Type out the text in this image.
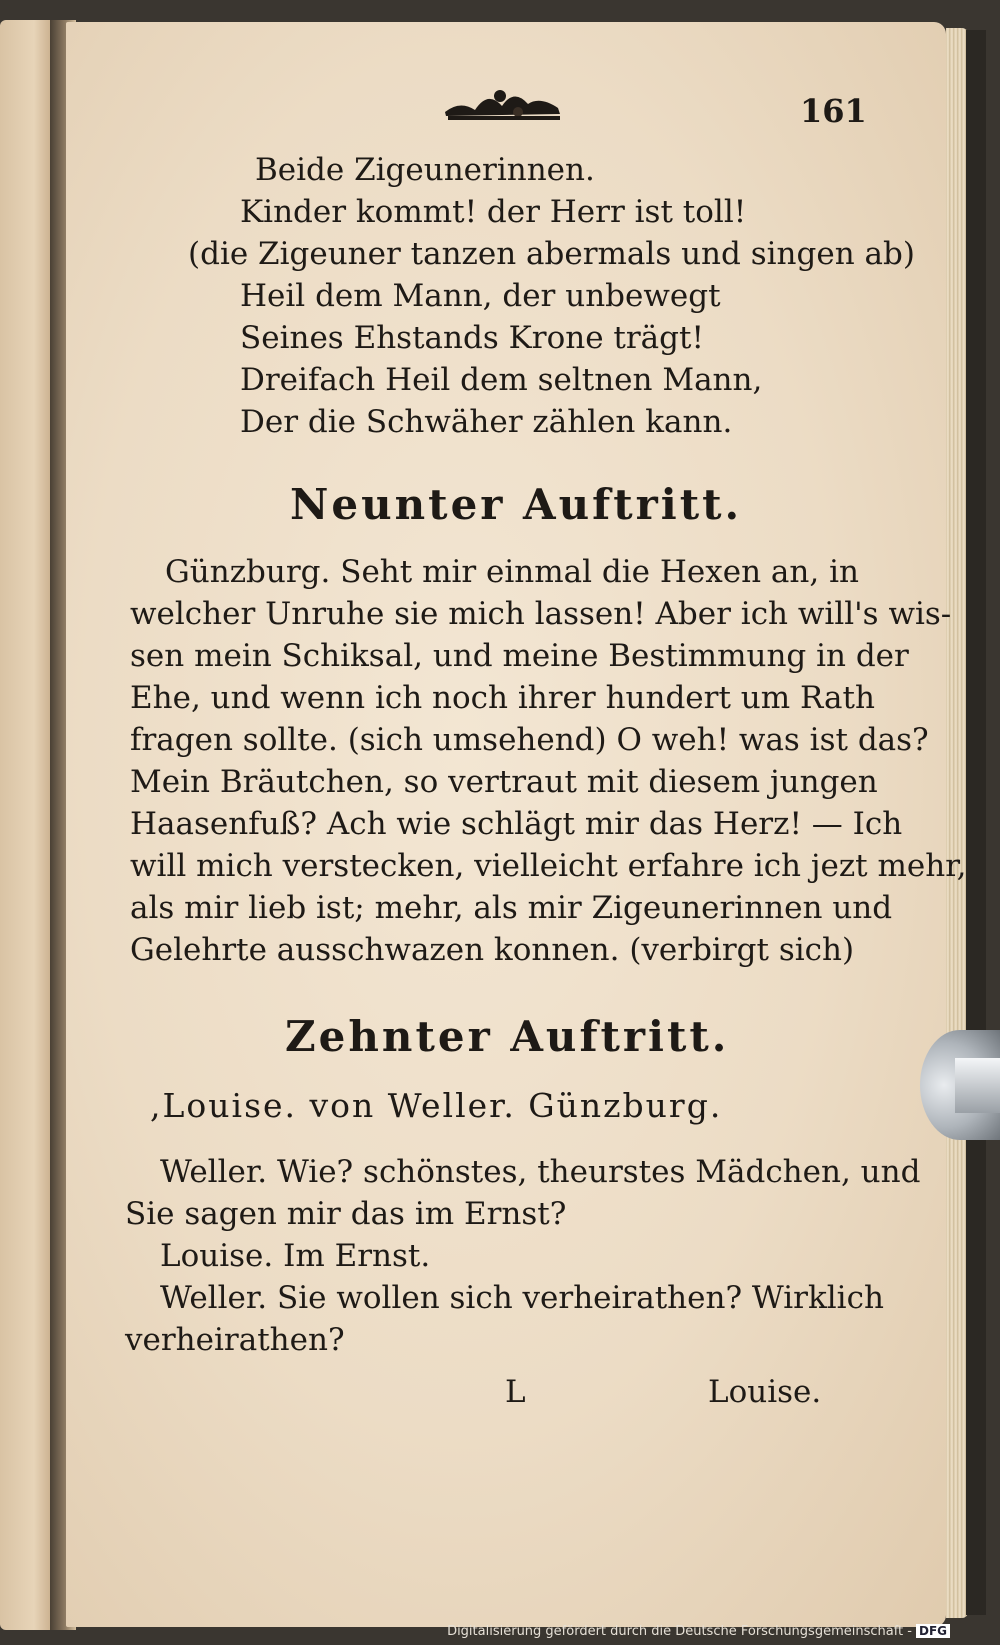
161
Beide Zigeunerinnen.
Kinder kommt! der Herr ist toll!
(die Zigeuner tanzen abermals und singen ab)
Heil dem Mann, der unbewegt
Seines Ehstands Krone trägt!
Dreifach Heil dem seltnen Mann,
Der die Schwäher zählen kann.
Neunter Auftritt.
Günzburg. Seht mir einmal die Hexen an, in
welcher Unruhe sie mich lassen! Aber ich will's wis-
sen mein Schiksal, und meine Bestimmung in der
Ehe, und wenn ich noch ihrer hundert um Rath
fragen sollte. (sich umsehend) O weh! was ist das?
Mein Bräutchen, so vertraut mit diesem jungen
Haasenfuß? Ach wie schlägt mir das Herz! — Ich
will mich verstecken, vielleicht erfahre ich jezt mehr,
als mir lieb ist; mehr, als mir Zigeunerinnen und
Gelehrte ausschwazen konnen. (verbirgt sich)
Zehnter Auftritt.
,Louise. von Weller. Günzburg.
Weller. Wie? schönstes, theurstes Mädchen, und
Sie sagen mir das im Ernst?
Louise. Im Ernst.
Weller. Sie wollen sich verheirathen? Wirklich
verheirathen?
L	Louise.
Digitalisierung gefördert durch die Deutsche Forschungsgemeinschaft - DFG
